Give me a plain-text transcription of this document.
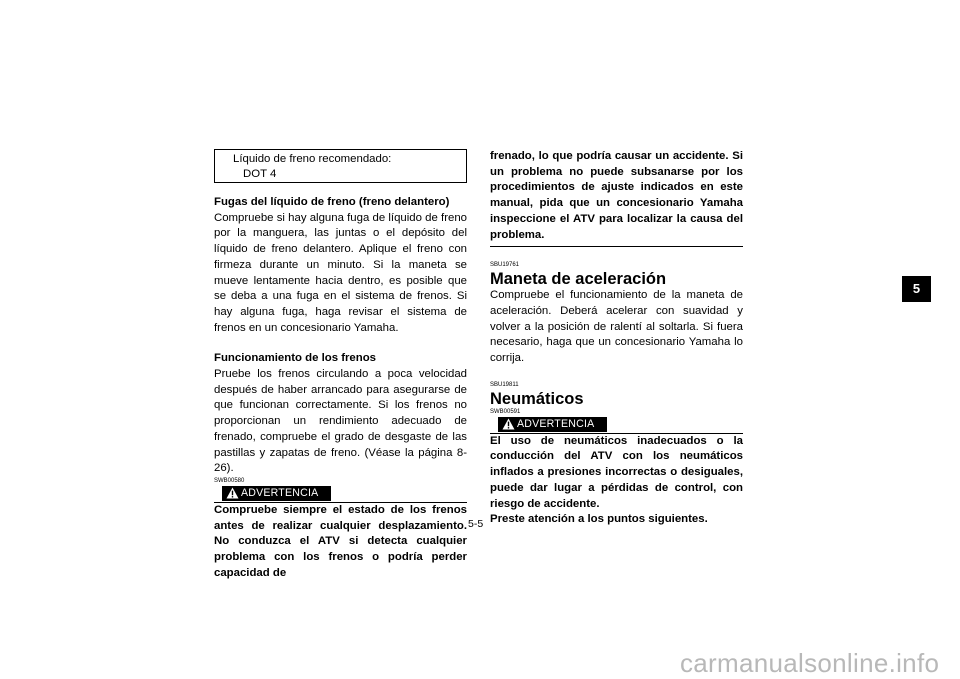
Líquido de freno recomendado:
DOT 4

Fugas del líquido de freno (freno delantero)

Compruebe si hay alguna fuga de líquido de freno por la manguera, las juntas o el depósito del líquido de freno delantero. Aplique el freno con firmeza durante un minuto. Si la maneta se mueve lentamente hacia dentro, es posible que se deba a una fuga en el sistema de frenos. Si hay alguna fuga, haga revisar el sistema de frenos en un concesionario Yamaha.

Funcionamiento de los frenos

Pruebe los frenos circulando a poca velocidad después de haber arrancado para asegurarse de que funcionan correctamente. Si los frenos no proporcionan un rendimiento adecuado de frenado, compruebe el grado de desgaste de las pastillas y zapatas de freno. (Véase la página 8-26).

SWB00580
ADVERTENCIA

Compruebe siempre el estado de los frenos antes de realizar cualquier desplazamiento. No conduzca el ATV si detecta cualquier problema con los frenos o podría perder capacidad de

frenado, lo que podría causar un accidente. Si un problema no puede subsanarse por los procedimientos de ajuste indicados en este manual, pida que un concesionario Yamaha inspeccione el ATV para localizar la causa del problema.

SBU19761
Maneta de aceleración

Compruebe el funcionamiento de la maneta de aceleración. Deberá acelerar con suavidad y volver a la posición de ralentí al soltarla. Si fuera necesario, haga que un concesionario Yamaha lo corrija.

SBU19811
Neumáticos
SWB00591
ADVERTENCIA

El uso de neumáticos inadecuados o la conducción del ATV con los neumáticos inflados a presiones incorrectas o desiguales, puede dar lugar a pérdidas de control, con riesgo de accidente.

Preste atención a los puntos siguientes.

5
5-5
carmanualsonline.info
